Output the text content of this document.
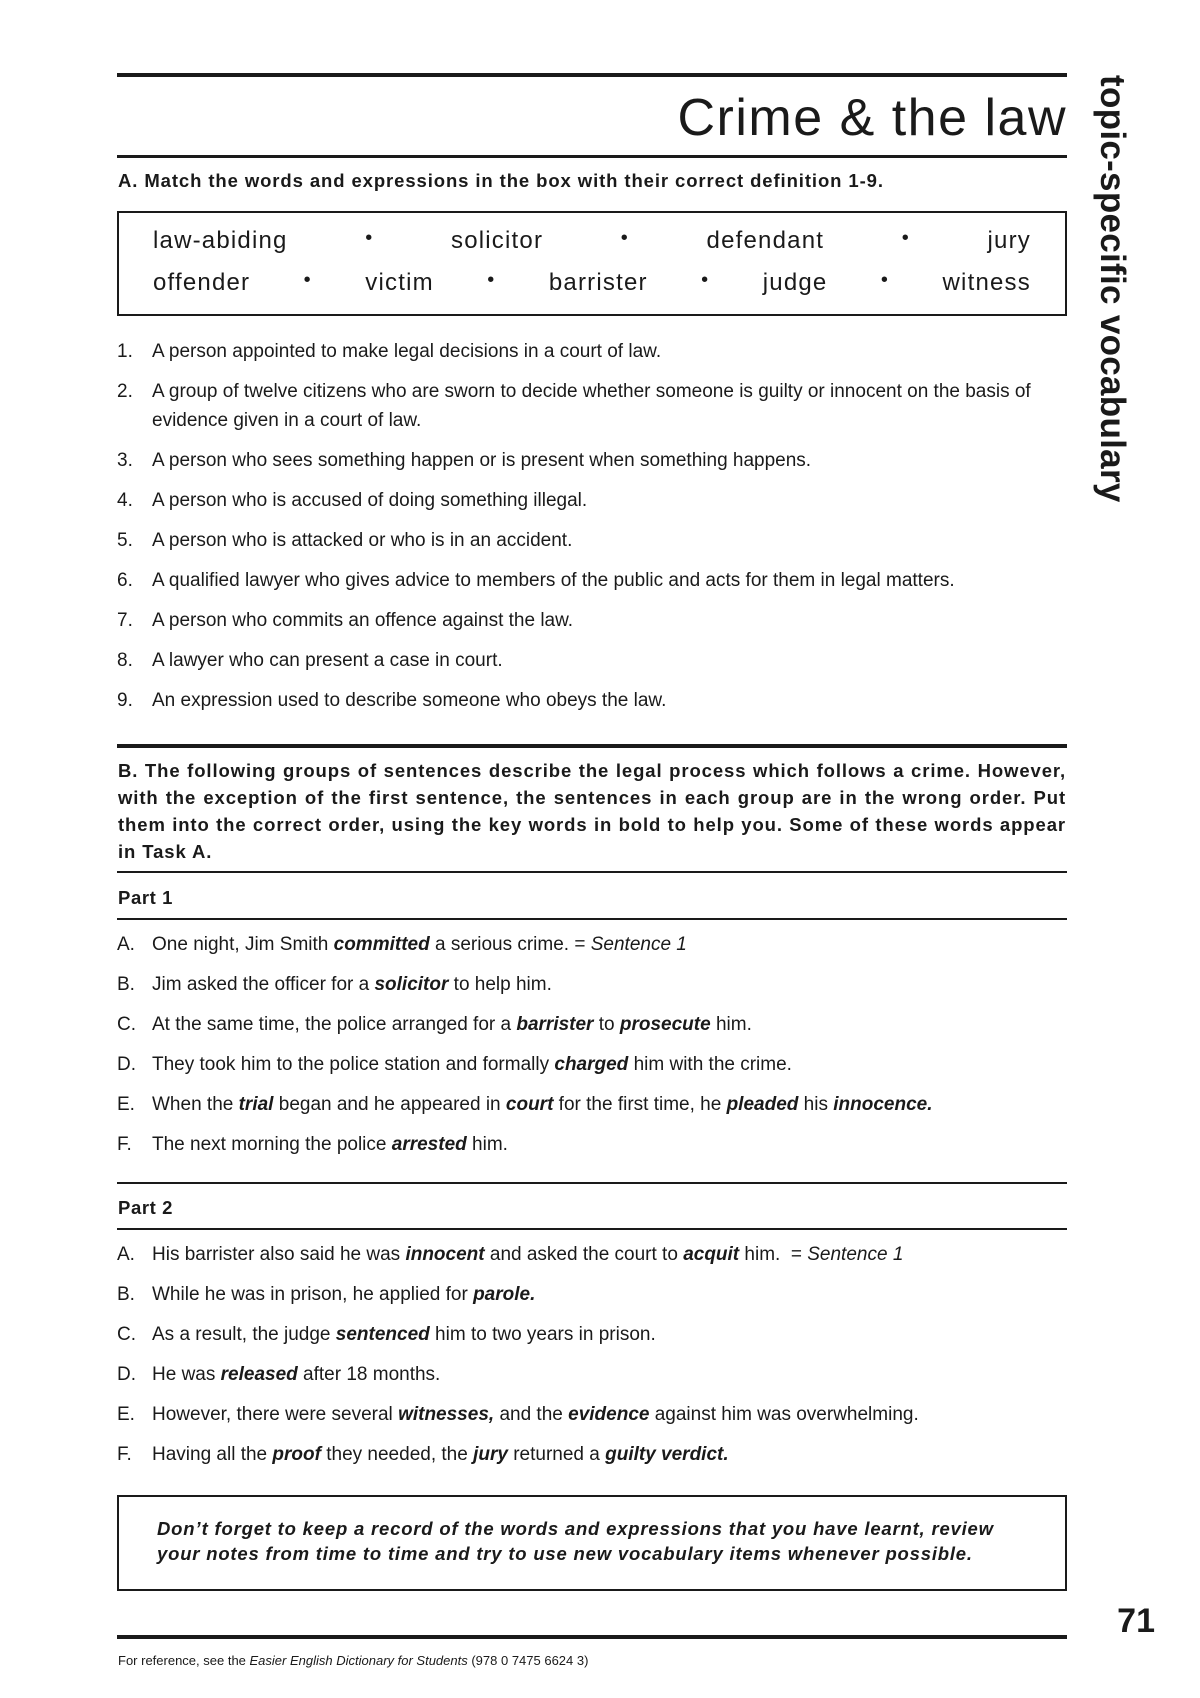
Crime & the law topic-specific vocabulary
A. Match the words and expressions in the box with their correct definition 1-9.
law-abiding	•	solicitor	•	defendant	•	jury
offender	• victim	• barrister	• judge	• witness
1.	A person appointed to make legal decisions in a court of law.
2.	A group of twelve citizens who are sworn to decide whether someone is guilty or innocent on the basis of evidence given in a court of law.
3.	A person who sees something happen or is present when something happens.
4.	A person who is accused of doing something illegal.
5.	A person who is attacked or who is in an accident.
6.	A qualified lawyer who gives advice to members of the public and acts for them in legal matters.
7.	A person who commits an offence against the law.
8.	A lawyer who can present a case in court.
9.	An expression used to describe someone who obeys the law.
B. The following groups of sentences describe the legal process which follows a crime. However, with the exception of the first sentence, the sentences in each group are in the wrong order. Put them into the correct order, using the key words in bold to help you. Some of these words appear in Task A.
Part 1
A. One night, Jim Smith committed a serious crime. = Sentence 1
B. Jim asked the officer for a solicitor to help him.
C. At the same time, the police arranged for a barrister to prosecute him.
D. They took him to the police station and formally charged him with the crime.
E. When the trial began and he appeared in court for the first time, he pleaded his innocence.
F.	The next morning the police arrested him.
Part 2
A. His barrister also said he was innocent and asked the court to acquit him.  = Sentence 1
B. While he was in prison, he applied for parole.
C. As a result, the judge sentenced him to two years in prison.
D. He was released after 18 months.
E. However, there were several witnesses, and the evidence against him was overwhelming.
F.	Having all the proof they needed, the jury returned a guilty verdict.

Don’t forget to keep a record of the words and expressions that you have learnt, review your notes from time to time and try to use new vocabulary items whenever possible.

71
For reference, see the Easier English Dictionary for Students (978 0 7475 6624 3)
